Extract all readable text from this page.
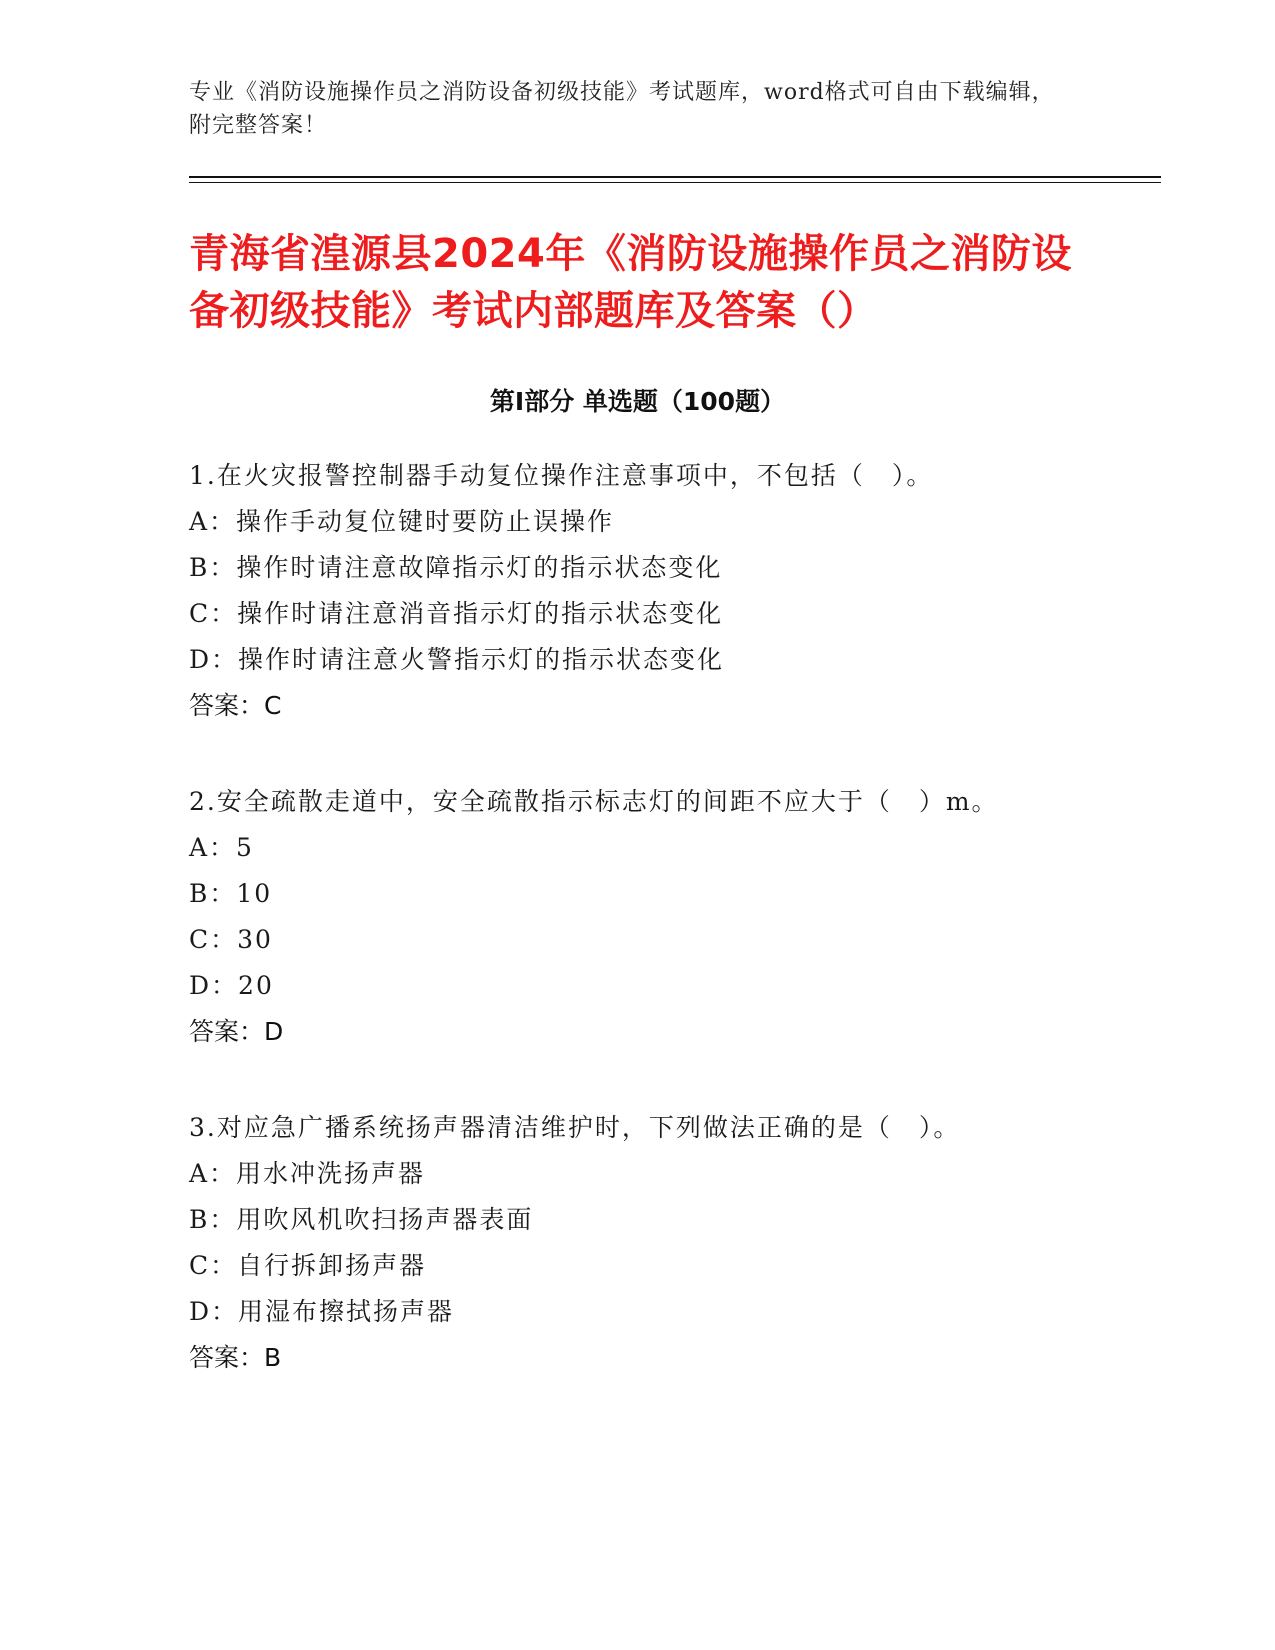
专业《消防设施操作员之消防设备初级技能》考试题库，word格式可自由下载编辑，附完整答案！
青海省湟源县2024年《消防设施操作员之消防设备初级技能》考试内部题库及答案（）
第I部分 单选题（100题）
1.在火灾报警控制器手动复位操作注意事项中，不包括（　）。
A：操作手动复位键时要防止误操作
B：操作时请注意故障指示灯的指示状态变化
C：操作时请注意消音指示灯的指示状态变化
D：操作时请注意火警指示灯的指示状态变化
答案：C
2.安全疏散走道中，安全疏散指示标志灯的间距不应大于（　）m。
A：5
B：10
C：30
D：20
答案：D
3.对应急广播系统扬声器清洁维护时，下列做法正确的是（　）。
A：用水冲洗扬声器
B：用吹风机吹扫扬声器表面
C：自行拆卸扬声器
D：用湿布擦拭扬声器
答案：B
